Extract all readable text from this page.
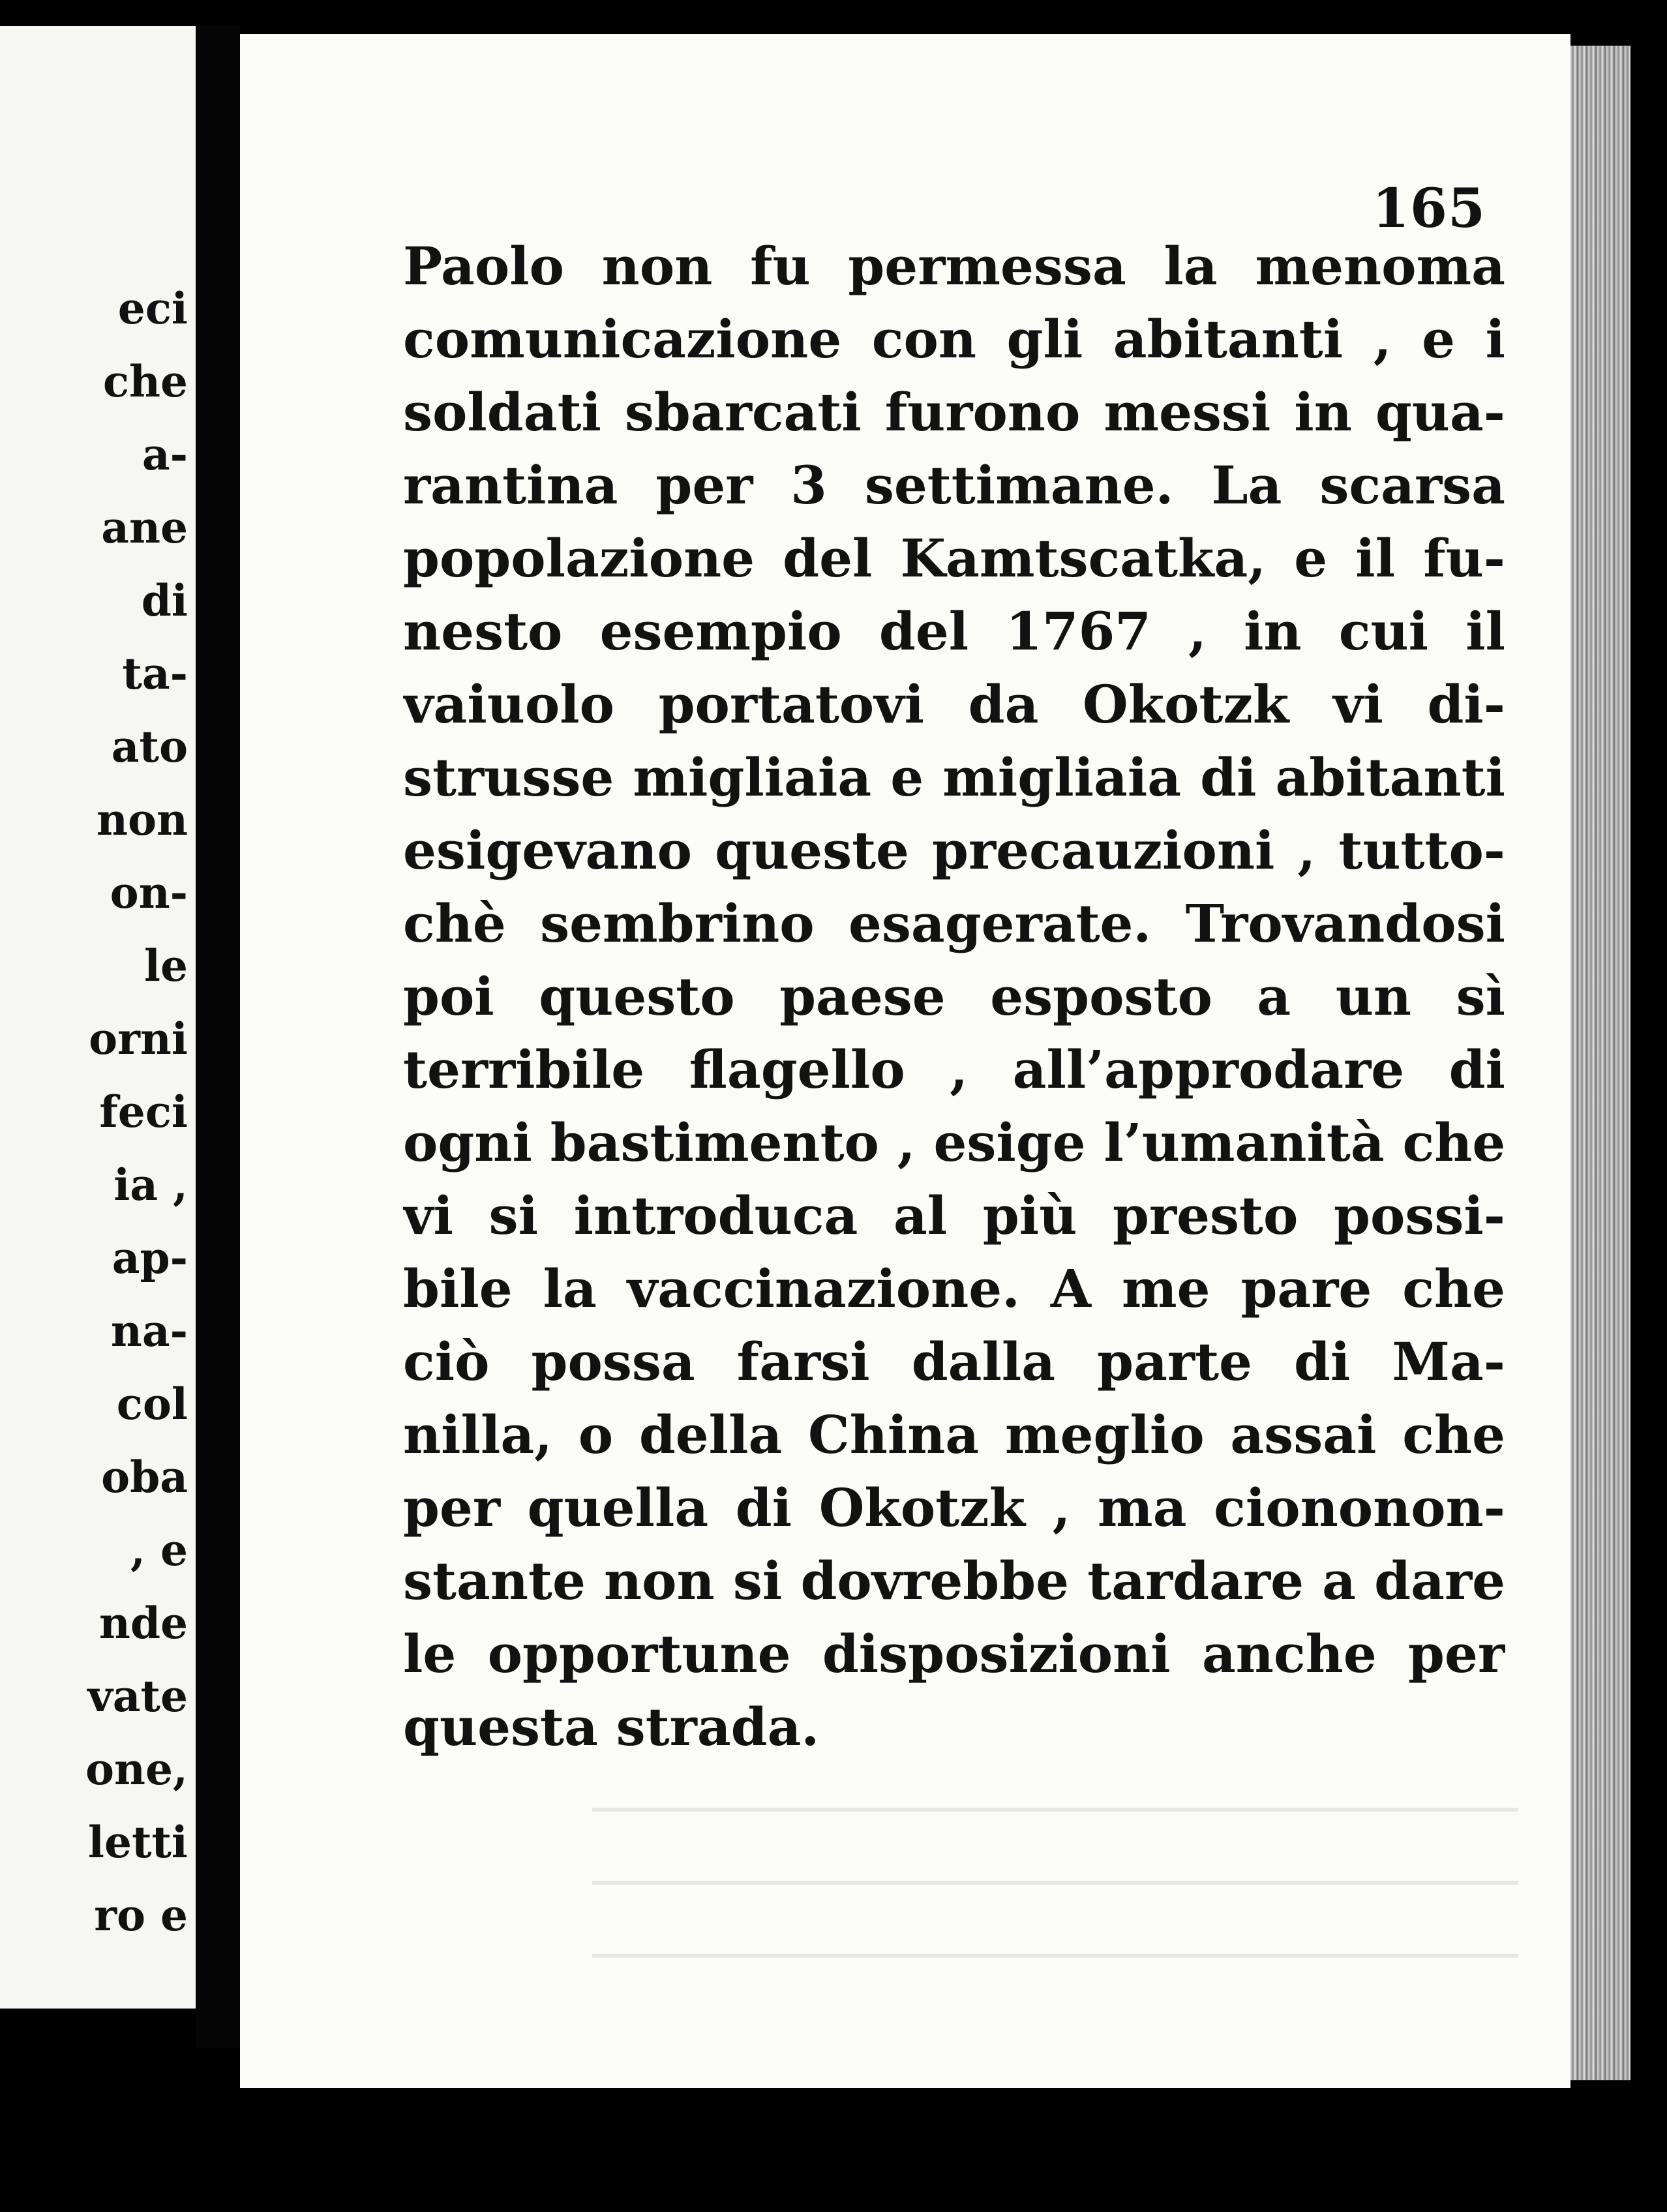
eci
che
a-
ane
di
ta-
ato
non
on-
le
orni
feci
ia ,
ap-
na-
col
oba
, e
nde
vate
one,
letti
ro e
165
Paolo non fu permessa la menoma
comunicazione con gli abitanti , e i
soldati sbarcati furono messi in qua-
rantina per 3 settimane. La scarsa
popolazione del Kamtscatka, e il fu-
nesto esempio del 1767 , in cui il
vaiuolo portatovi da Okotzk vi di-
strusse migliaia e migliaia di abitanti
esigevano queste precauzioni , tutto-
chè sembrino esagerate. Trovandosi
poi questo paese esposto a un sì
terribile flagello , all’approdare di
ogni bastimento , esige l’umanità che
vi si introduca al più presto possi-
bile la vaccinazione. A me pare che
ciò possa farsi dalla parte di Ma-
nilla, o della China meglio assai che
per quella di Okotzk , ma ciononon-
stante non si dovrebbe tardare a dare
le opportune disposizioni anche per
questa strada.
